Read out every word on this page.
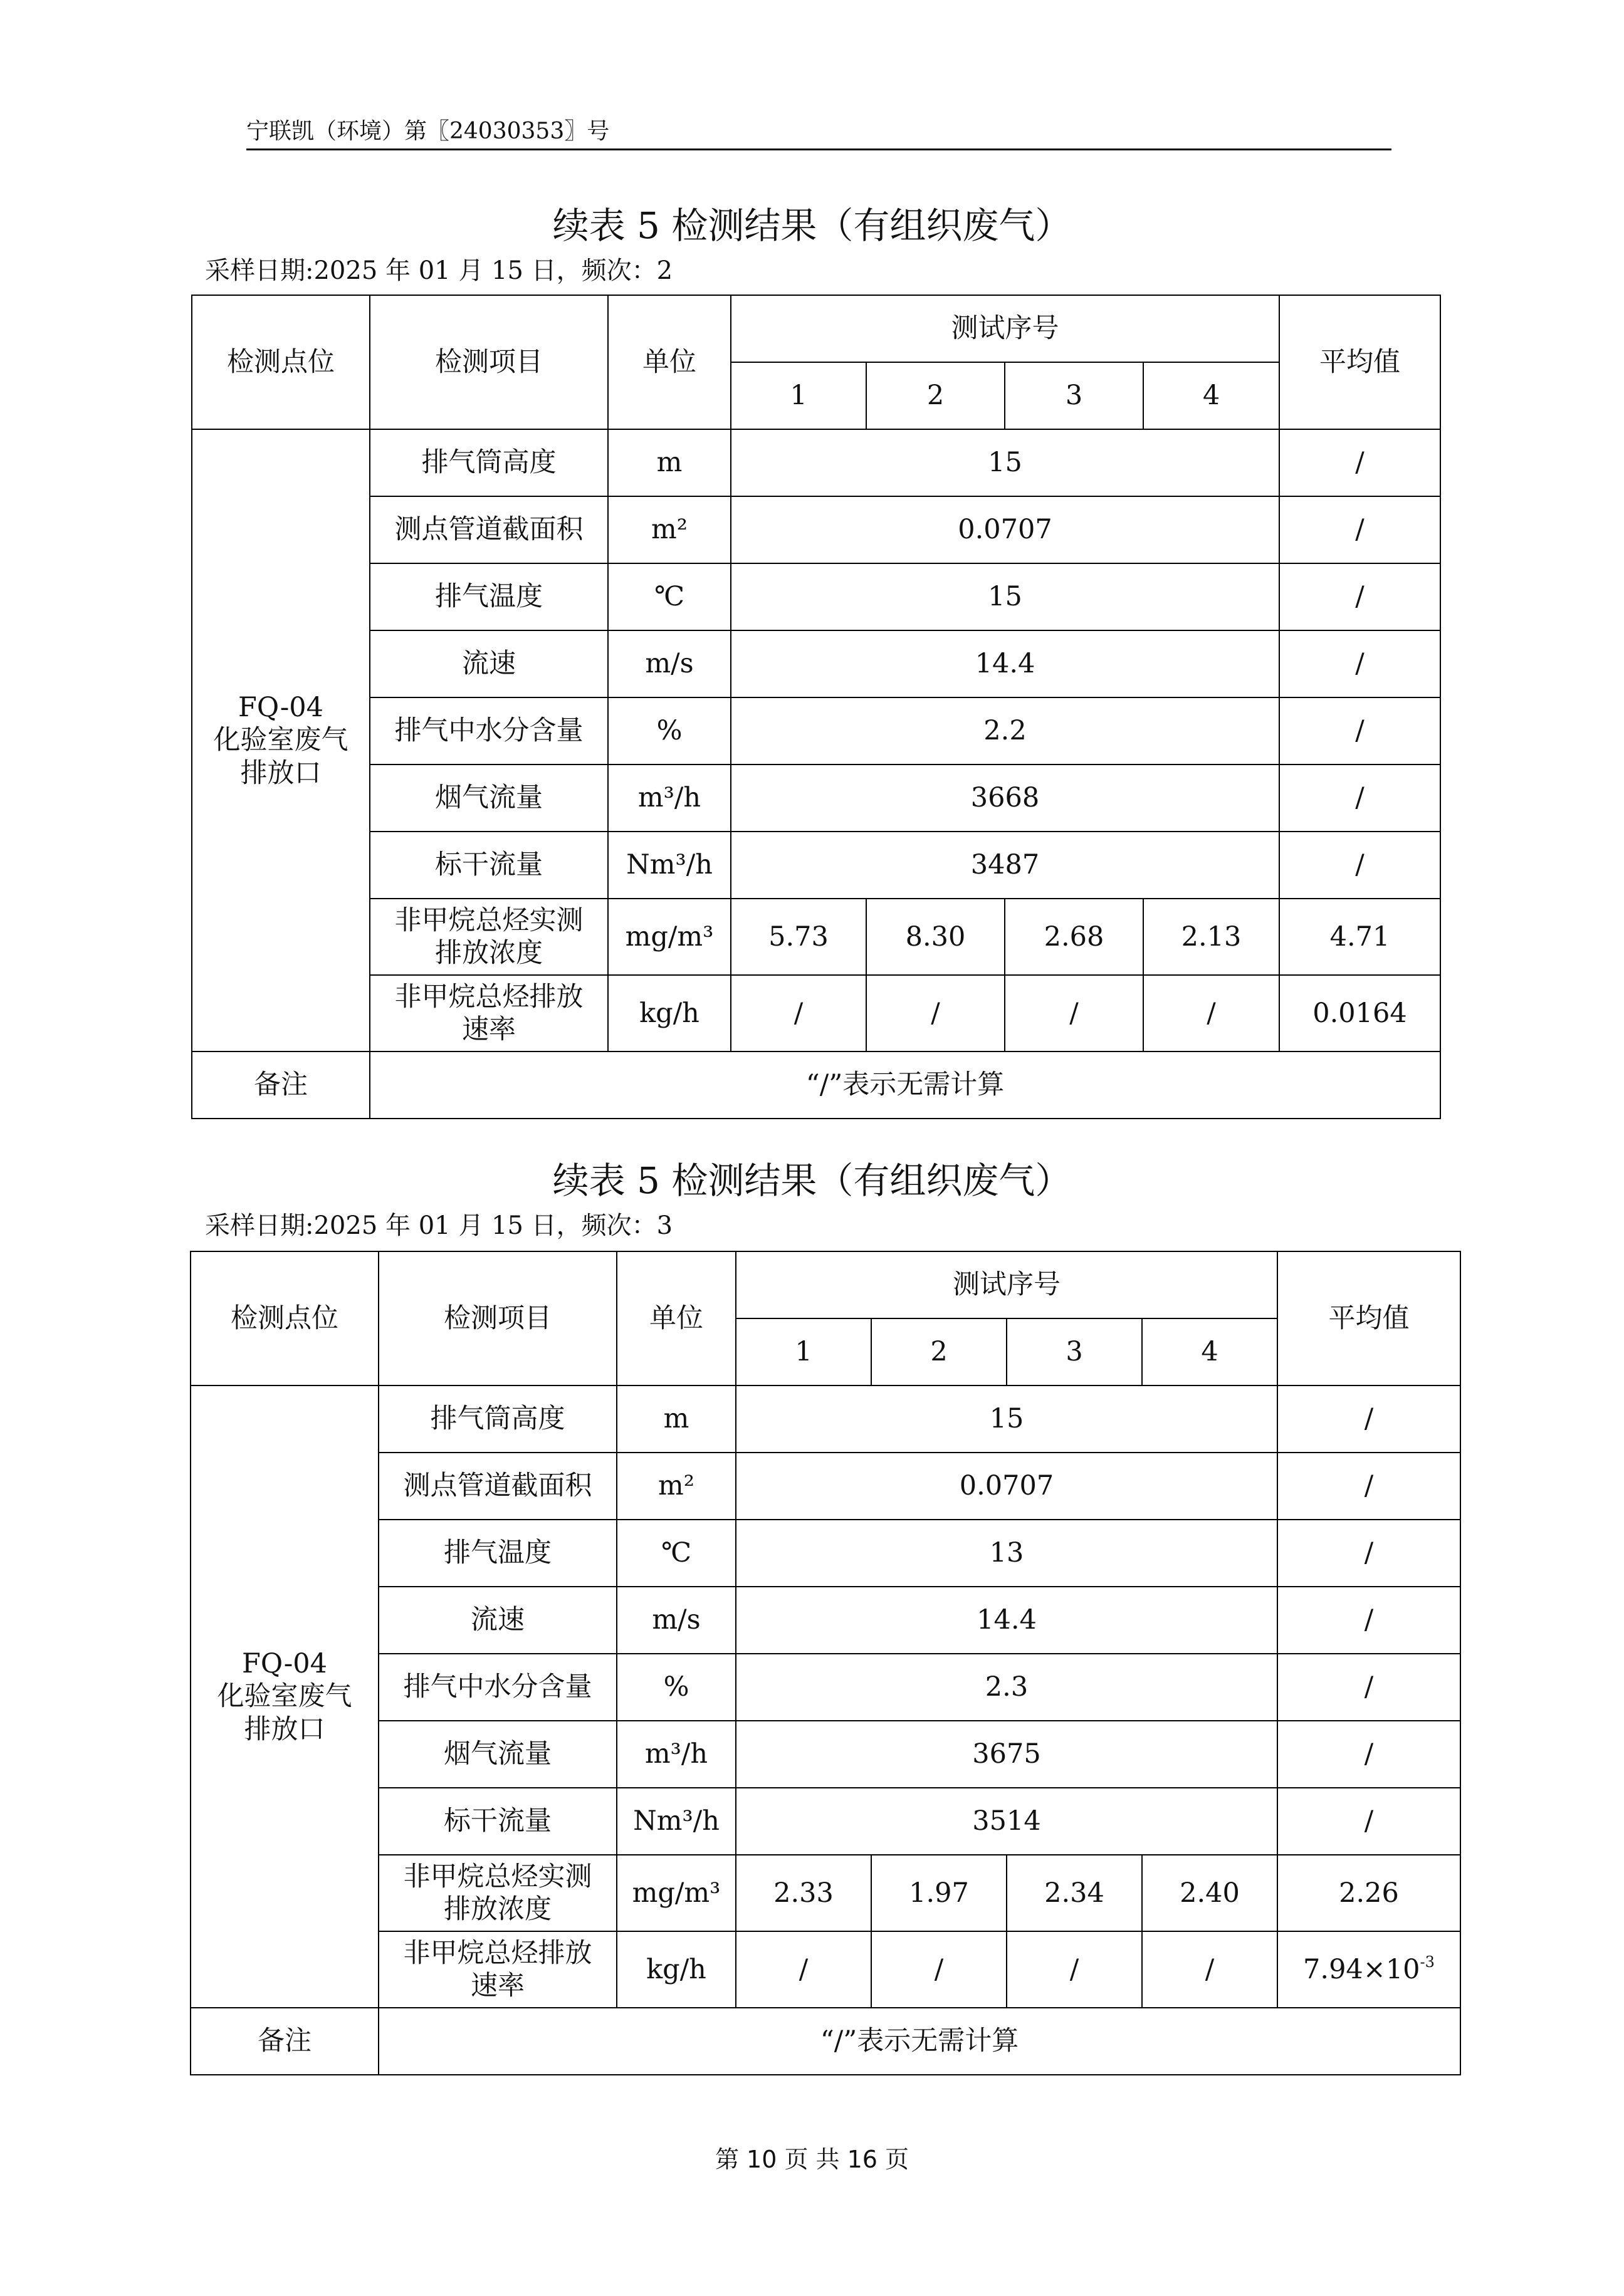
宁联凯（环境）第〖24030353〗号
续表 5 检测结果（有组织废气）
采样日期:2025 年 01 月 15 日，频次：2
检测点位	检测项目	单位	测试序号				平均值
			1	2	3	4	

FQ-04
化验室废气
排放口	排气筒高度	m	15				/
	测点管道截面积	m²	0.0707				/
	排气温度	℃	15				/
	流速	m/s	14.4				/
	排气中水分含量	%	2.2				/
	烟气流量	m³/h	3668				/
	标干流量	Nm³/h	3487				/

	非甲烷总烃实测
排放浓度	mg/m³	5.73	8.30	2.68	2.13	4.71

	非甲烷总烃排放
速率	kg/h	/	/	/	/	0.0164
备注	“/”表示无需计算						
续表 5 检测结果（有组织废气）
采样日期:2025 年 01 月 15 日，频次：3
检测点位	检测项目	单位	测试序号				平均值
			1	2	3	4	

FQ-04
化验室废气
排放口	排气筒高度	m	15				/
	测点管道截面积	m²	0.0707				/
	排气温度	℃	13				/
	流速	m/s	14.4				/
	排气中水分含量	%	2.3				/
	烟气流量	m³/h	3675				/
	标干流量	Nm³/h	3514				/

	非甲烷总烃实测
排放浓度	mg/m³	2.33	1.97	2.34	2.40	2.26

	非甲烷总烃排放
速率	kg/h	/	/	/	/	$7.94\times 10^{-3}$
备注	“/”表示无需计算						
第 10 页 共 16 页
